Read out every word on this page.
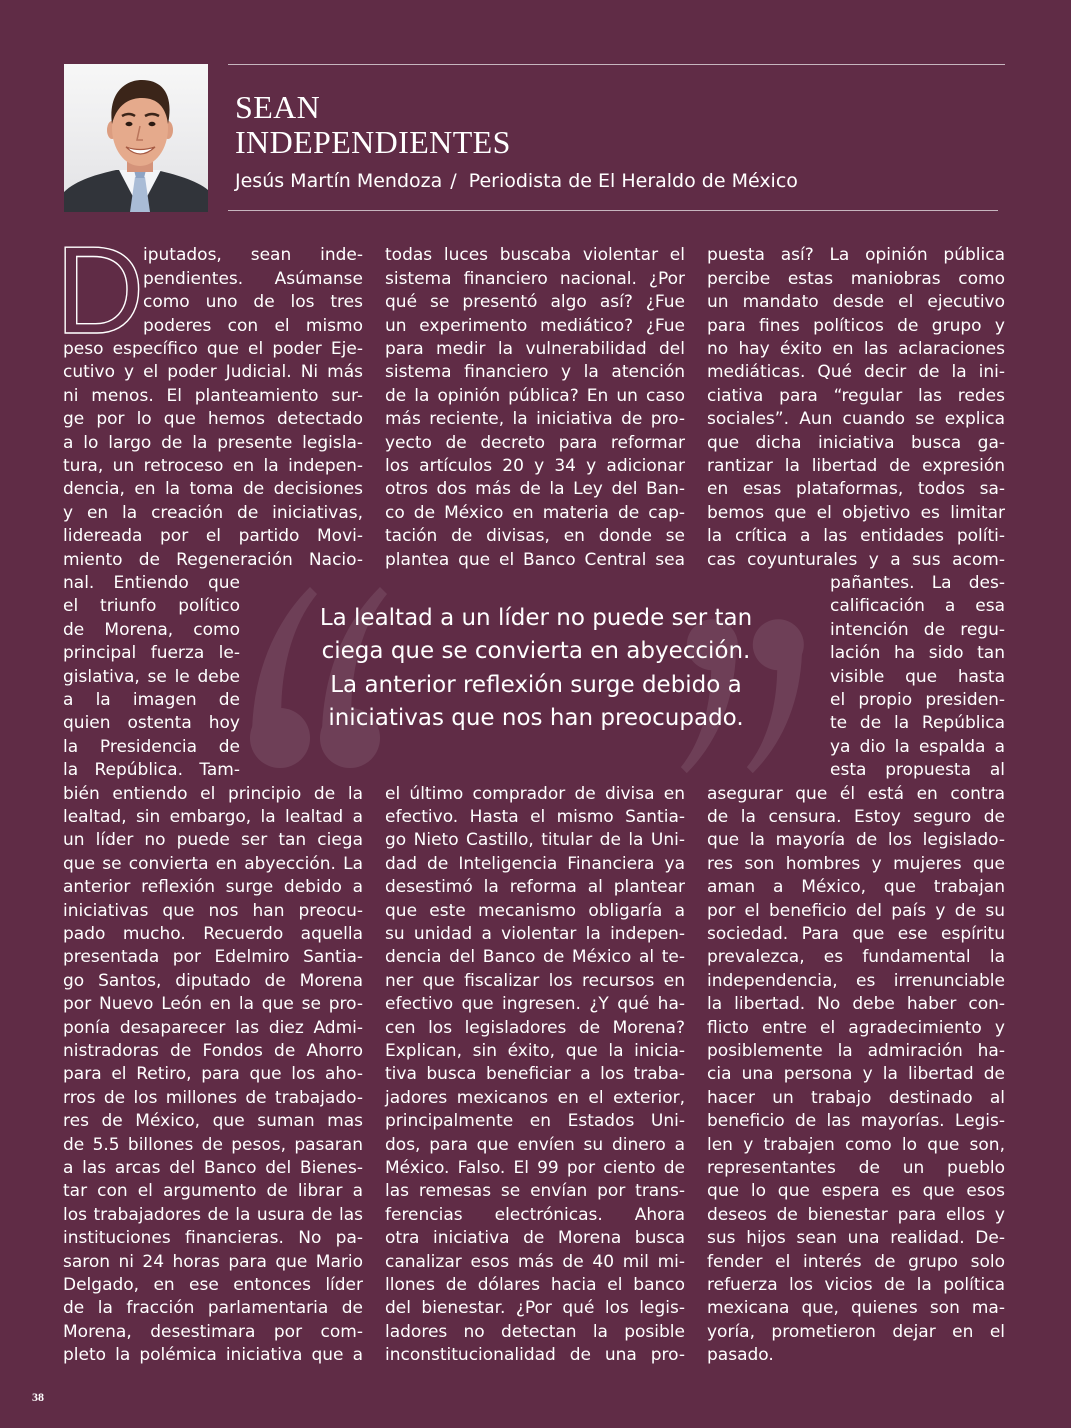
SEAN
INDEPENDIENTES
Jesús Martín Mendoza / Periodista de El Heraldo de México
D
iputados, sean inde-
pendientes. Asúmanse
como uno de los tres
poderes con el mismo
peso específico que el poder Eje-
cutivo y el poder Judicial. Ni más
ni menos. El planteamiento sur-
ge por lo que hemos detectado
a lo largo de la presente legisla-
tura, un retroceso en la indepen-
dencia, en la toma de decisiones
y en la creación de iniciativas,
lidereada por el partido Movi-
miento de Regeneración Nacio-
nal. Entiendo que
el triunfo político
de Morena, como
principal fuerza le-
gislativa, se le debe
a la imagen de
quien ostenta hoy
la Presidencia de
la República. Tam-
bién entiendo el principio de la
lealtad, sin embargo, la lealtad a
un líder no puede ser tan ciega
que se convierta en abyección. La
anterior reflexión surge debido a
iniciativas que nos han preocu-
pado mucho. Recuerdo aquella
presentada por Edelmiro Santia-
go Santos, diputado de Morena
por Nuevo León en la que se pro-
ponía desaparecer las diez Admi-
nistradoras de Fondos de Ahorro
para el Retiro, para que los aho-
rros de los millones de trabajado-
res de México, que suman mas
de 5.5 billones de pesos, pasaran
a las arcas del Banco del Bienes-
tar con el argumento de librar a
los trabajadores de la usura de las
instituciones financieras. No pa-
saron ni 24 horas para que Mario
Delgado, en ese entonces líder
de la fracción parlamentaria de
Morena, desestimara por com-
pleto la polémica iniciativa que a
todas luces buscaba violentar el
sistema financiero nacional. ¿Por
qué se presentó algo así? ¿Fue
un experimento mediático? ¿Fue
para medir la vulnerabilidad del
sistema financiero y la atención
de la opinión pública? En un caso
más reciente, la iniciativa de pro-
yecto de decreto para reformar
los artículos 20 y 34 y adicionar
otros dos más de la Ley del Ban-
co de México en materia de cap-
tación de divisas, en donde se
plantea que el Banco Central sea
el último comprador de divisa en
efectivo. Hasta el mismo Santia-
go Nieto Castillo, titular de la Uni-
dad de Inteligencia Financiera ya
desestimó la reforma al plantear
que este mecanismo obligaría a
su unidad a violentar la indepen-
dencia del Banco de México al te-
ner que fiscalizar los recursos en
efectivo que ingresen. ¿Y qué ha-
cen los legisladores de Morena?
Explican, sin éxito, que la inicia-
tiva busca beneficiar a los traba-
jadores mexicanos en el exterior,
principalmente en Estados Uni-
dos, para que envíen su dinero a
México. Falso. El 99 por ciento de
las remesas se envían por trans-
ferencias electrónicas. Ahora
otra iniciativa de Morena busca
canalizar esos más de 40 mil mi-
llones de dólares hacia el banco
del bienestar. ¿Por qué los legis-
ladores no detectan la posible
inconstitucionalidad de una pro-
puesta así? La opinión pública
percibe estas maniobras como
un mandato desde el ejecutivo
para fines políticos de grupo y
no hay éxito en las aclaraciones
mediáticas. Qué decir de la ini-
ciativa para “regular las redes
sociales”. Aun cuando se explica
que dicha iniciativa busca ga-
rantizar la libertad de expresión
en esas plataformas, todos sa-
bemos que el objetivo es limitar
la crítica a las entidades políti-
cas coyunturales y a sus acom-
pañantes. La des-
calificación a esa
intención de regu-
lación ha sido tan
visible que hasta
el propio presiden-
te de la República
ya dio la espalda a
esta propuesta al
asegurar que él está en contra
de la censura. Estoy seguro de
que la mayoría de los legislado-
res son hombres y mujeres que
aman a México, que trabajan
por el beneficio del país y de su
sociedad. Para que ese espíritu
prevalezca, es fundamental la
independencia, es irrenunciable
la libertad. No debe haber con-
flicto entre el agradecimiento y
posiblemente la admiración ha-
cia una persona y la libertad de
hacer un trabajo destinado al
beneficio de las mayorías. Legis-
len y trabajen como lo que son,
representantes de un pueblo
que lo que espera es que esos
deseos de bienestar para ellos y
sus hijos sean una realidad. De-
fender el interés de grupo solo
refuerza los vicios de la política
mexicana que, quienes son ma-
yoría, prometieron dejar en el
pasado.
La lealtad a un líder no puede ser tan
ciega que se convierta en abyección.
La anterior reflexión surge debido a
iniciativas que nos han preocupado.
38
